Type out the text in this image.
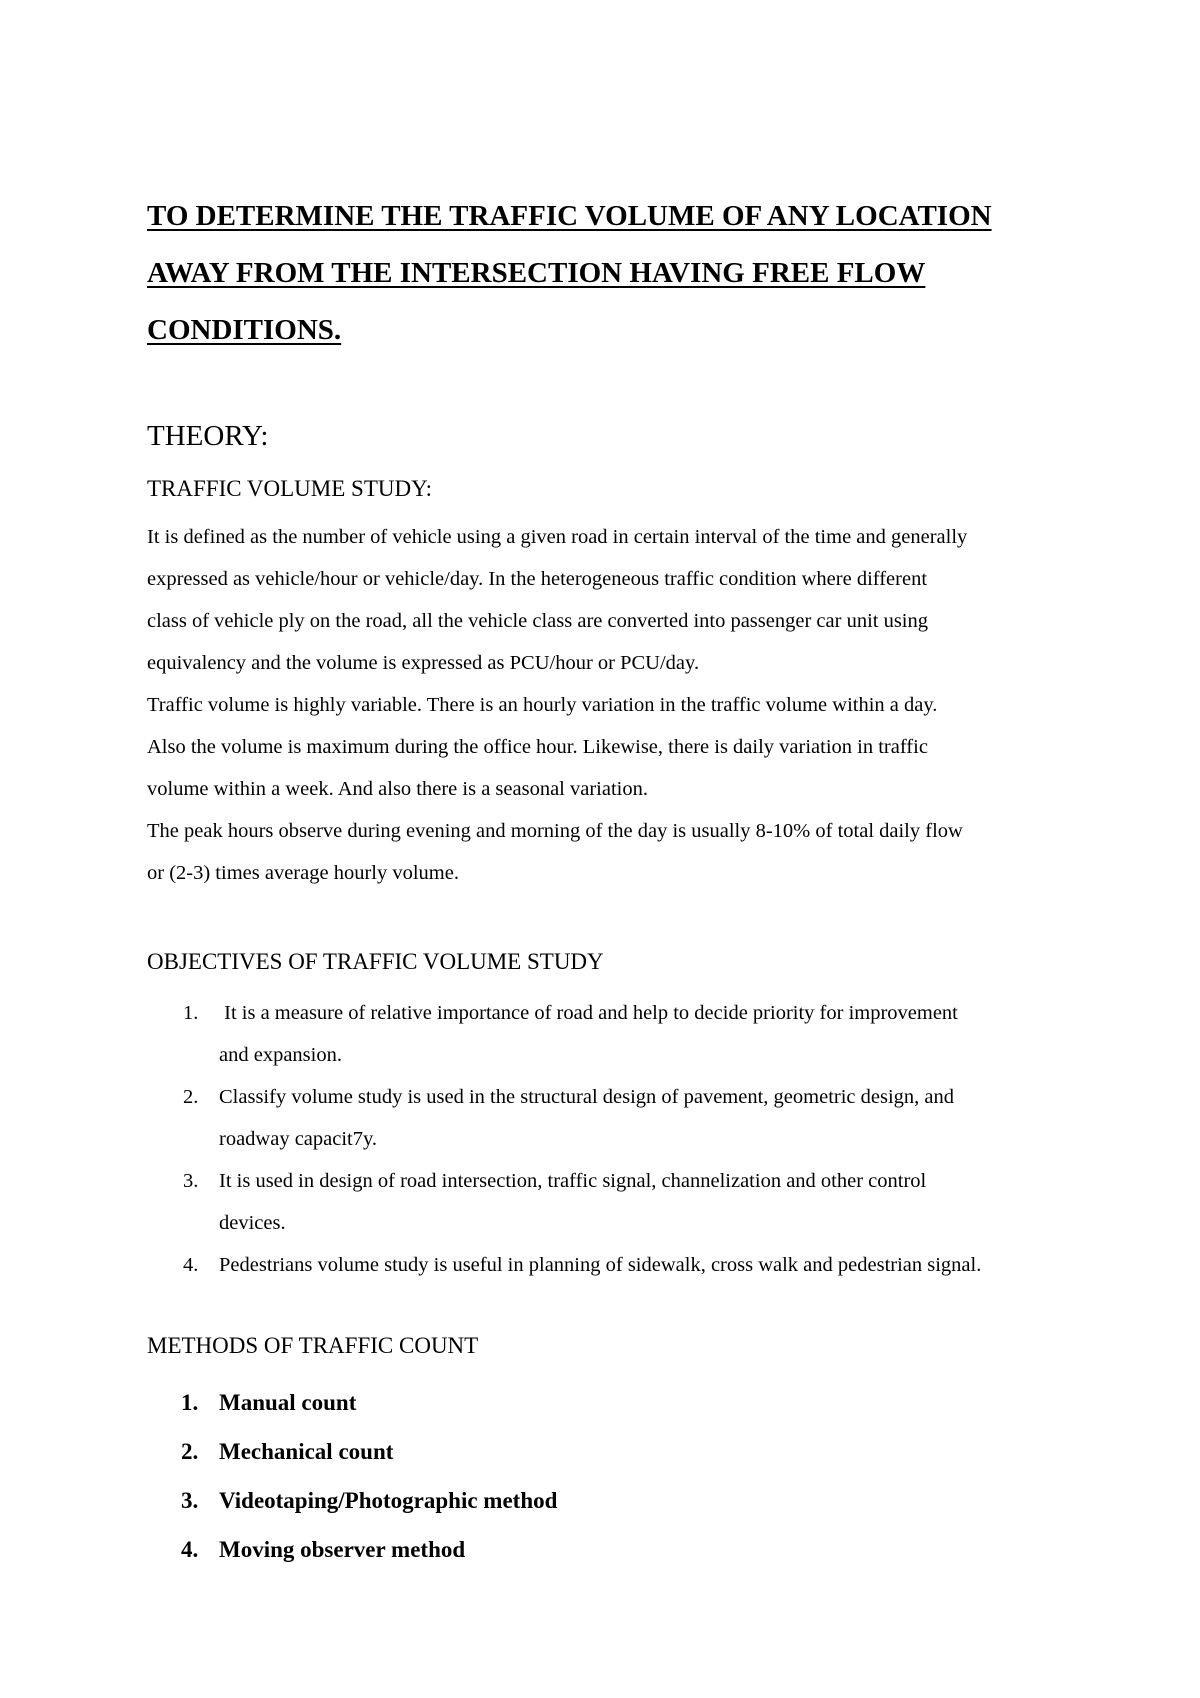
TO DETERMINE THE TRAFFIC VOLUME OF ANY LOCATION
AWAY FROM THE INTERSECTION HAVING FREE FLOW
CONDITIONS.
THEORY:
TRAFFIC VOLUME STUDY:
It is defined as the number of vehicle using a given road in certain interval of the time and generally
expressed as vehicle/hour or vehicle/day. In the heterogeneous traffic condition where different
class of vehicle ply on the road, all the vehicle class are converted into passenger car unit using
equivalency and the volume is expressed as PCU/hour or PCU/day.
Traffic volume is highly variable. There is an hourly variation in the traffic volume within a day.
Also the volume is maximum during the office hour. Likewise, there is daily variation in traffic
volume within a week. And also there is a seasonal variation.
The peak hours observe during evening and morning of the day is usually 8-10% of total daily flow
or (2-3) times average hourly volume.
OBJECTIVES OF TRAFFIC VOLUME STUDY
1. It is a measure of relative importance of road and help to decide priority for improvement
and expansion.
2. Classify volume study is used in the structural design of pavement, geometric design, and
roadway capacit7y.
3. It is used in design of road intersection, traffic signal, channelization and other control
devices.
4. Pedestrians volume study is useful in planning of sidewalk, cross walk and pedestrian signal.
METHODS OF TRAFFIC COUNT
1. Manual count
2. Mechanical count
3. Videotaping/Photographic method
4. Moving observer method
